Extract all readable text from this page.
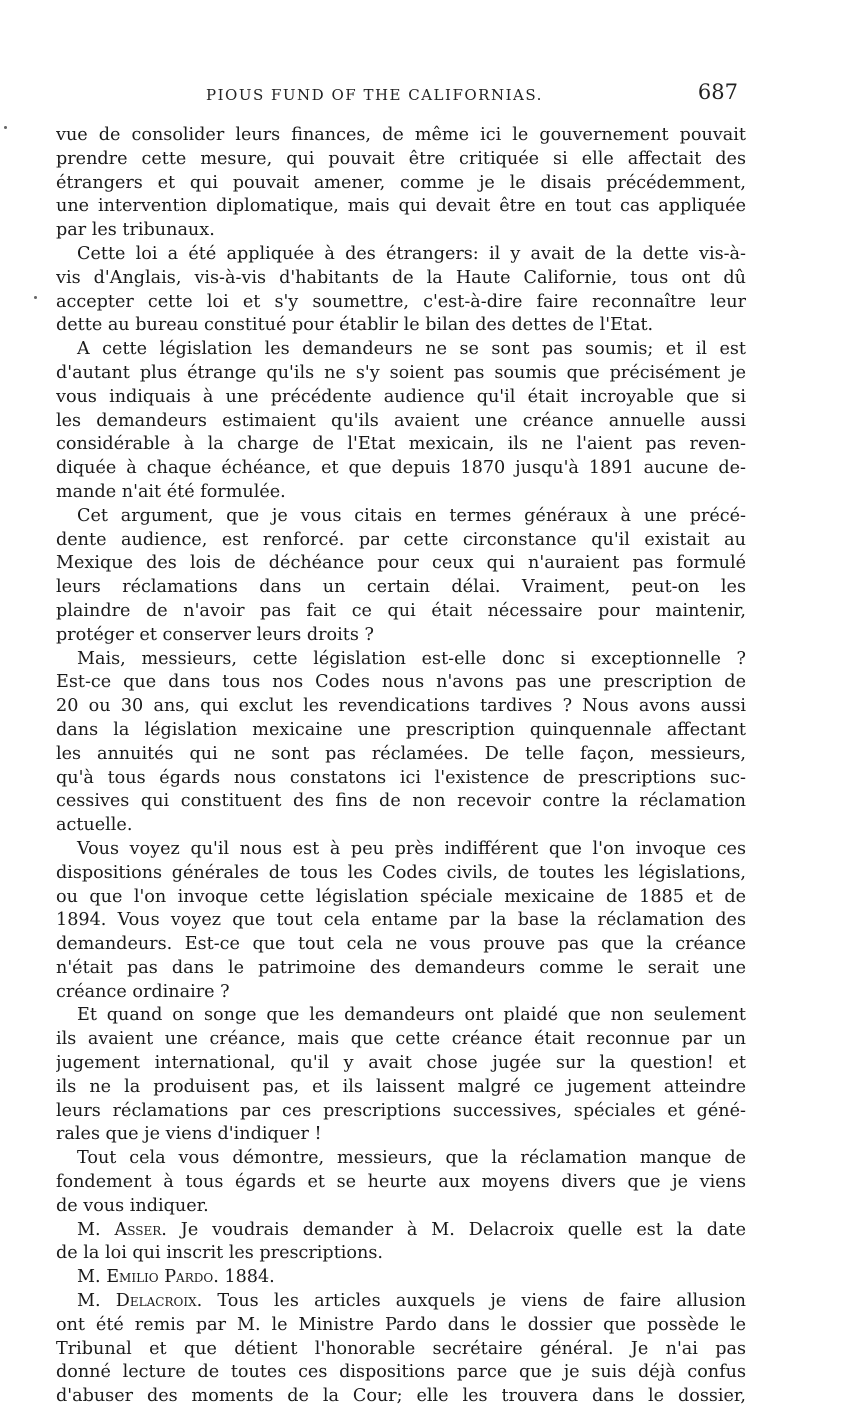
PIOUS FUND OF THE CALIFORNIAS.	687
vue de consolider leurs finances, de même ici le gouvernement pouvait
prendre cette mesure, qui pouvait être critiquée si elle affectait des
étrangers et qui pouvait amener, comme je le disais précédemment,
une intervention diplomatique, mais qui devait être en tout cas appliquée
par les tribunaux.
Cette loi a été appliquée à des étrangers: il y avait de la dette vis-à-
vis d'Anglais, vis-à-vis d'habitants de la Haute Californie, tous ont dû
accepter cette loi et s'y soumettre, c'est-à-dire faire reconnaître leur
dette au bureau constitué pour établir le bilan des dettes de l'Etat.
A cette législation les demandeurs ne se sont pas soumis; et il est
d'autant plus étrange qu'ils ne s'y soient pas soumis que précisément je
vous indiquais à une précédente audience qu'il était incroyable que si
les demandeurs estimaient qu'ils avaient une créance annuelle aussi
considérable à la charge de l'Etat mexicain, ils ne l'aient pas reven-
diquée à chaque échéance, et que depuis 1870 jusqu'à 1891 aucune de-
mande n'ait été formulée.
Cet argument, que je vous citais en termes généraux à une précé-
dente audience, est renforcé. par cette circonstance qu'il existait au
Mexique des lois de déchéance pour ceux qui n'auraient pas formulé
leurs réclamations dans un certain délai. Vraiment, peut-on les
plaindre de n'avoir pas fait ce qui était nécessaire pour maintenir,
protéger et conserver leurs droits ?
Mais, messieurs, cette législation est-elle donc si exceptionnelle ?
Est-ce que dans tous nos Codes nous n'avons pas une prescription de
20 ou 30 ans, qui exclut les revendications tardives ? Nous avons aussi
dans la législation mexicaine une prescription quinquennale affectant
les annuités qui ne sont pas réclamées. De telle façon, messieurs,
qu'à tous égards nous constatons ici l'existence de prescriptions suc-
cessives qui constituent des fins de non recevoir contre la réclamation
actuelle.
Vous voyez qu'il nous est à peu près indifférent que l'on invoque ces
dispositions générales de tous les Codes civils, de toutes les législations,
ou que l'on invoque cette législation spéciale mexicaine de 1885 et de
1894. Vous voyez que tout cela entame par la base la réclamation des
demandeurs. Est-ce que tout cela ne vous prouve pas que la créance
n'était pas dans le patrimoine des demandeurs comme le serait une
créance ordinaire ?
Et quand on songe que les demandeurs ont plaidé que non seulement
ils avaient une créance, mais que cette créance était reconnue par un
jugement international, qu'il y avait chose jugée sur la question! et
ils ne la produisent pas, et ils laissent malgré ce jugement atteindre
leurs réclamations par ces prescriptions successives, spéciales et géné-
rales que je viens d'indiquer !
Tout cela vous démontre, messieurs, que la réclamation manque de
fondement à tous égards et se heurte aux moyens divers que je viens
de vous indiquer.
M. Asser. Je voudrais demander à M. Delacroix quelle est la date
de la loi qui inscrit les prescriptions.
M. Emilio Pardo. 1884.
M. Delacroix. Tous les articles auxquels je viens de faire allusion
ont été remis par M. le Ministre Pardo dans le dossier que possède le
Tribunal et que détient l'honorable secrétaire général. Je n'ai pas
donné lecture de toutes ces dispositions parce que je suis déjà confus
d'abuser des moments de la Cour; elle les trouvera dans le dossier,
